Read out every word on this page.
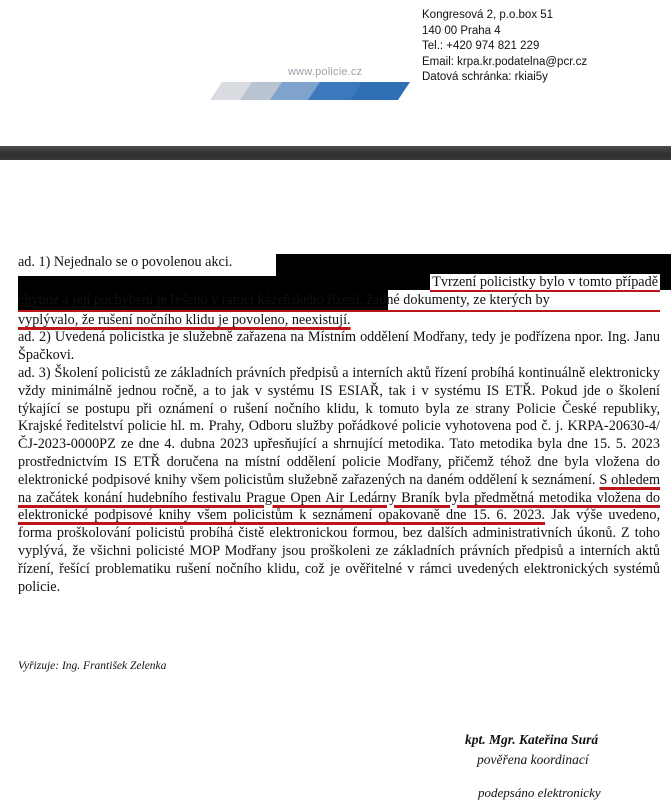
www.policie.cz
Kongresová 2, p.o.box 51
140 00 Praha 4
Tel.: +420 974 821 229
Email: krpa.kr.podatelna@pcr.cz
Datová schránka: rkiai5y

ad. 1) Nejednalo se o povolenou akci.

Tvrzení policistky bylo v tomto případě

chybné a její pochybení je řešeno v rámci kázeňského řízení, žádné dokumenty, ze kterých by

vyplývalo, že rušení nočního klidu je povoleno, neexistují.

ad. 2) Uvedená policistka je služebně zařazena na Místním oddělení Modřany, tedy je podřízena npor. Ing. Janu Špačkovi.

ad. 3) Školení policistů ze základních právních předpisů a interních aktů řízení probíhá kontinuálně elektronicky vždy minimálně jednou ročně, a to jak v systému IS ESIAŘ, tak i v systému IS ETŘ. Pokud jde o školení týkající se postupu při oznámení o rušení nočního klidu, k tomuto byla ze strany Policie České republiky, Krajské ředitelství policie hl. m. Prahy, Odboru služby pořádkové policie vyhotovena pod č. j. KRPA-20630-4/ČJ-2023-0000PZ ze dne 4. dubna 2023 upřesňující a shrnující metodika. Tato metodika byla dne 15. 5. 2023 prostřednictvím IS ETŘ doručena na místní oddělení policie Modřany, přičemž téhož dne byla vložena do elektronické podpisové knihy všem policistům služebně zařazených na daném oddělení k seznámení. S ohledem na začátek konání hudebního festivalu Prague Open Air Ledárny Braník byla předmětná metodika vložena do elektronické podpisové knihy všem policistům k seznámení opakovaně dne 15. 6. 2023. Jak výše uvedeno, forma proškolování policistů probíhá čistě elektronickou formou, bez dalších administrativních úkonů. Z toho vyplývá, že všichni policisté MOP Modřany jsou proškoleni ze základních právních předpisů a interních aktů řízení, řešící problematiku rušení nočního klidu, což je ověřitelné v rámci uvedených elektronických systémů policie.

Vyřizuje: Ing. František Zelenka
kpt. Mgr. Kateřina Surá
pověřena koordinací
podepsáno elektronicky
